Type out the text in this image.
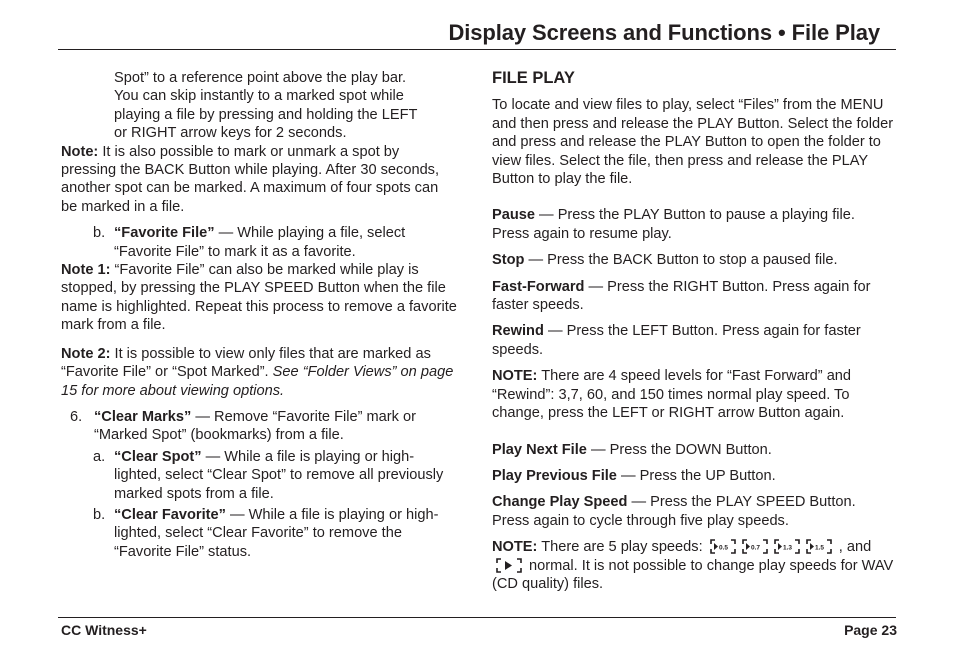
Display Screens and Functions • File Play
Spot” to a reference point above the play bar.
You can skip instantly to a marked spot while
playing a file by pressing and holding the LEFT
or RIGHT arrow keys for 2 seconds.

Note: It is also possible to mark or unmark a spot by pressing the BACK Button while playing. After 30 seconds, another spot can be marked. A maximum of four spots can be marked in a file.

b. “Favorite File” — While playing a file, select “Favorite File” to mark it as a favorite.

Note 1: “Favorite File” can also be marked while play is stopped, by pressing the PLAY SPEED Button when the file name is highlighted. Repeat this process to remove a favorite mark from a file.

Note 2: It is possible to view only files that are marked as “Favorite File” or “Spot Marked”. See “Folder Views” on page 15 for more about viewing options.

6. “Clear Marks” — Remove “Favorite File” mark or “Marked Spot” (bookmarks) from a file.
a. “Clear Spot” — While a file is playing or high-lighted, select “Clear Spot” to remove all previously marked spots from a file.
b. “Clear Favorite” — While a file is playing or high-lighted, select “Clear Favorite” to remove the “Favorite File” status.
FILE PLAY

To locate and view files to play, select “Files” from the MENU and then press and release the PLAY Button. Select the folder and press and release the PLAY Button to open the folder to view files. Select the file, then press and release the PLAY Button to play the file.

Pause — Press the PLAY Button to pause a playing file. Press again to resume play.

Stop — Press the BACK Button to stop a paused file.

Fast-Forward — Press the RIGHT Button. Press again for faster speeds.

Rewind — Press the LEFT Button. Press again for faster speeds.

NOTE: There are 4 speed levels for “Fast Forward” and “Rewind”: 3,7, 60, and 150 times normal play speed. To change, press the LEFT or RIGHT arrow Button again.

Play Next File — Press the DOWN Button.

Play Previous File — Press the UP Button.

Change Play Speed — Press the PLAY SPEED Button. Press again to cycle through five play speeds.

NOTE: There are 5 play speeds: 0.5	0.7	1.3	1.5 , and

normal. It is not possible to change play speeds for WAV (CD quality) files.

CC Witness+	Page 23
